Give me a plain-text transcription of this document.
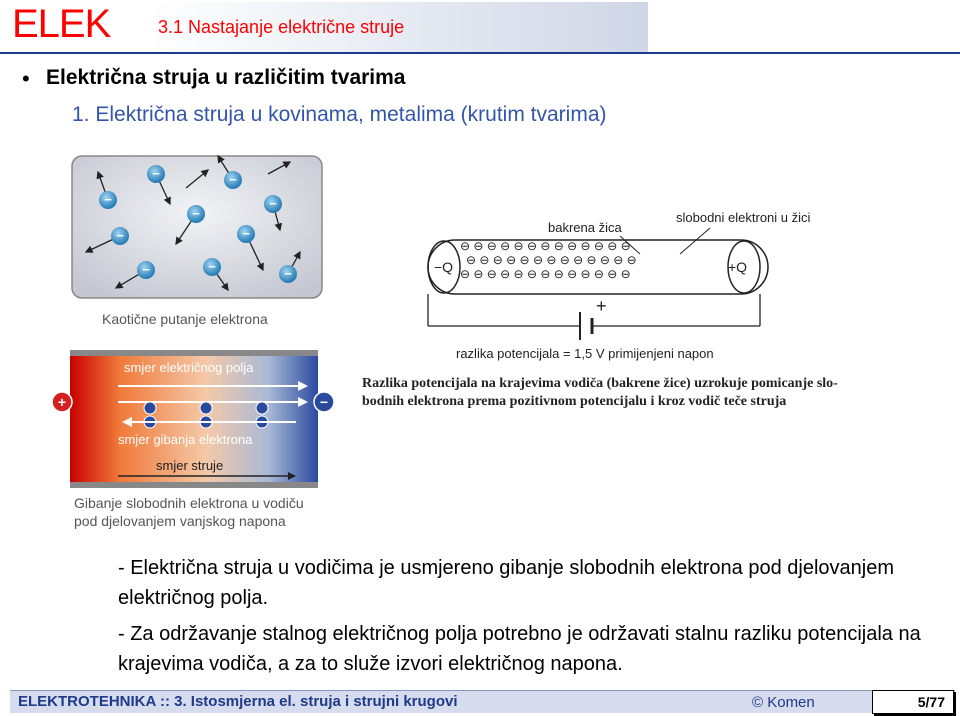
ELEK	3.1 Nastajanje električne struje
• Električna struja u različitim tvarima
1. Električna struja u kovinama, metalima (krutim tvarima)
−
−
−
−
−
−
−	−
−
−
Kaotične putanje elektrona
bakrena žica
slobodni elektroni u žici
−Q	+Q
⊖ ⊖ ⊖ ⊖ ⊖ ⊖ ⊖ ⊖ ⊖ ⊖ ⊖ ⊖ ⊖
⊖ ⊖ ⊖ ⊖ ⊖ ⊖ ⊖ ⊖ ⊖ ⊖ ⊖ ⊖ ⊖
⊖ ⊖ ⊖ ⊖ ⊖ ⊖ ⊖ ⊖ ⊖ ⊖ ⊖ ⊖ ⊖
+
razlika potencijala = 1,5 V primijenjeni napon
Razlika potencijala na krajevima vodiča (bakrene žice) uzrokuje pomicanje slo-
bodnih elektrona prema pozitivnom potencijalu i kroz vodič teče struja
+	−
smjer električnog polja
smjer gibanja elektrona
smjer struje
Gibanje slobodnih elektrona u vodiču
pod djelovanjem vanjskog napona
- Električna struja u vodičima je usmjereno gibanje slobodnih elektrona pod djelovanjem električnog polja.
- Za održavanje stalnog električnog polja potrebno je održavati stalnu razliku potencijala na krajevima vodiča, a za to služe izvori električnog napona.
ELEKTROTEHNIKA :: 3. Istosmjerna el. struja i strujni krugovi	© Komen	5/77
